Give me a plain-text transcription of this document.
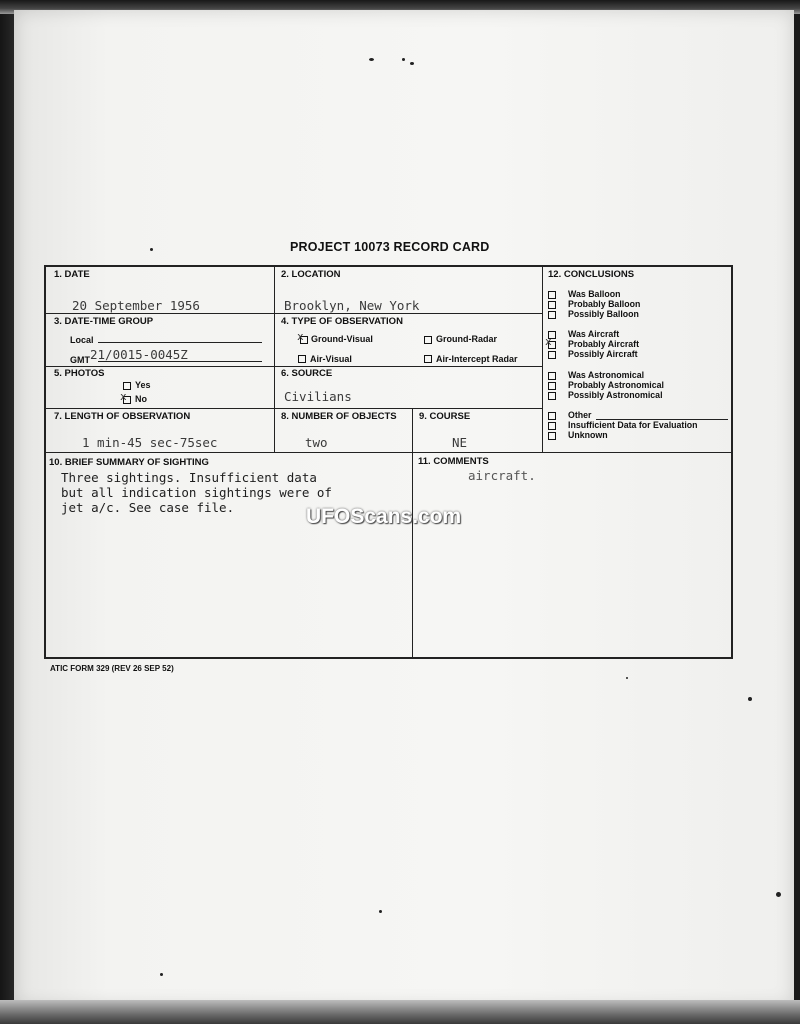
PROJECT 10073 RECORD CARD
1. DATE
20 September 1956
2. LOCATION
Brooklyn, New York
3. DATE-TIME GROUP
Local
GMT 21/0015-0045Z
4. TYPE OF OBSERVATION
x
Ground-Visual	Ground-Radar
Air-Visual	Air-Intercept Radar
5. PHOTOS
Yes
x
No
6. SOURCE
Civilians
7. LENGTH OF OBSERVATION
1 min-45 sec-75sec
8. NUMBER OF OBJECTS
two
9. COURSE
NE
10. BRIEF SUMMARY OF SIGHTING
Three sightings. Insufficient data
but all indication sightings were of
jet a/c. See case file.
11. COMMENTS
aircraft.
12. CONCLUSIONS
Was Balloon
Probably Balloon
Possibly Balloon
Was Aircraft
x
Probably Aircraft
Possibly Aircraft
Was Astronomical
Probably Astronomical
Possibly Astronomical
Other
Insufficient Data for Evaluation
Unknown
ATIC FORM 329 (REV 26 SEP 52)
UFOScans.com
